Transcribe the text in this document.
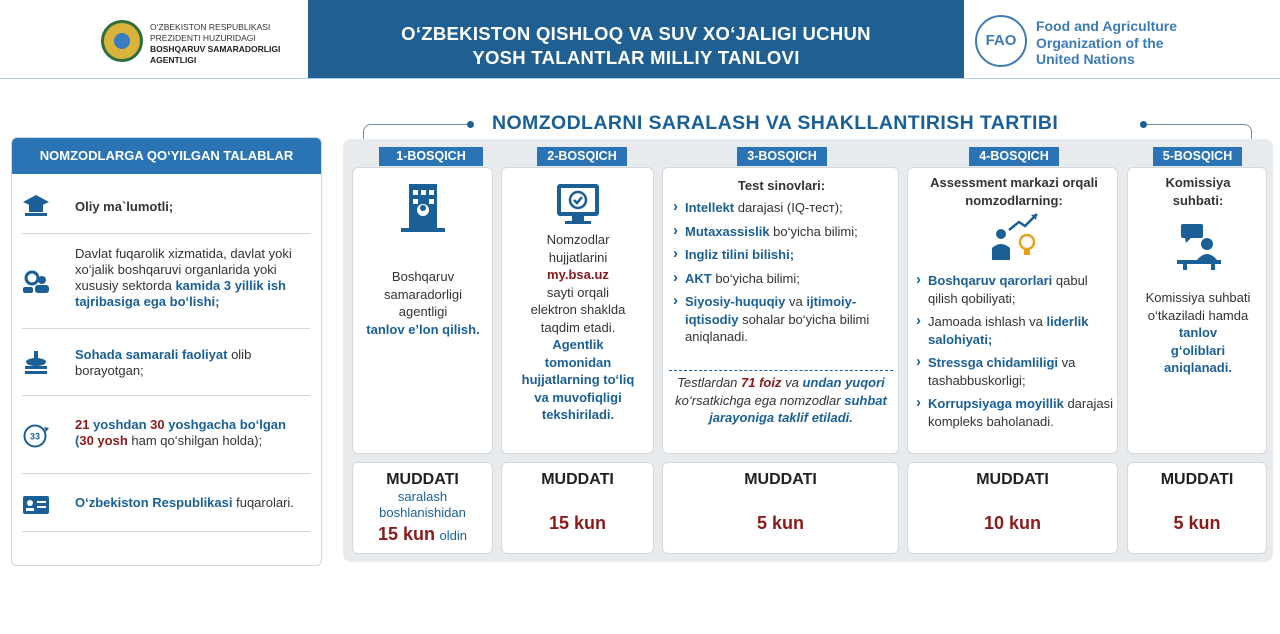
O‘ZBEKISTON RESPUBLIKASI
PREZIDENTI HUZURIDAGI
BOSHQARUV SAMARADORLIGI
AGENTLIGI
O‘ZBEKISTON QISHLOQ VA SUV XO‘JALIGI UCHUN
YOSH TALANTLAR MILLIY TANLOVI
FAO
Food and Agriculture
Organization of the
United Nations
NOMZODLARGA QO‘YILGAN TALABLAR
Oliy ma`lumotli;
Davlat fuqarolik xizmatida, davlat yoki xo‘jalik boshqaruvi organlarida yoki xususiy sektorda kamida 3 yillik ish tajribasiga ega bo‘lishi;
Sohada samarali faoliyat olib borayotgan;
33
21 yoshdan 30 yoshgacha bo‘lgan
(30 yosh ham qo‘shilgan holda);
O‘zbekiston Respublikasi fuqarolari.
NOMZODLARNI SARALASH VA SHAKLLANTIRISH TARTIBI
1-BOSQICH	2-BOSQICH	3-BOSQICH	4-BOSQICH	5-BOSQICH
Boshqaruv samaradorligi agentligi
tanlov e’lon qilish.
MUDDATI
saralash boshlanishidan
15 kun oldin
Nomzodlar hujjatlarini
my.bsa.uz
sayti orqali elektron shaklda taqdim etadi.
Agentlik tomonidan hujjatlarning to‘liq va muvofiqligi tekshiriladi.
MUDDATI
15 kun
Test sinovlari:
› Intellekt darajasi (IQ-тест);
› Mutaxassislik bo‘yicha bilimi;
› Ingliz tilini bilishi;
› AKT bo‘yicha bilimi;
› Siyosiy-huquqiy va ijtimoiy-iqtisodiy sohalar bo‘yicha bilimi aniqlanadi.
Testlardan 71 foiz va undan yuqori ko‘rsatkichga ega nomzodlar suhbat jarayoniga taklif etiladi.
MUDDATI
5 kun
Assessment markazi orqali nomzodlarning:
› Boshqaruv qarorlari qabul qilish qobiliyati;
› Jamoada ishlash va liderlik salohiyati;
› Stressga chidamliligi va tashabbuskorligi;
› Korrupsiyaga moyillik darajasi kompleks baholanadi.
MUDDATI
10 kun
Komissiya suhbati:
Komissiya suhbati o‘tkaziladi hamda
tanlov g‘oliblari aniqlanadi.
MUDDATI
5 kun
